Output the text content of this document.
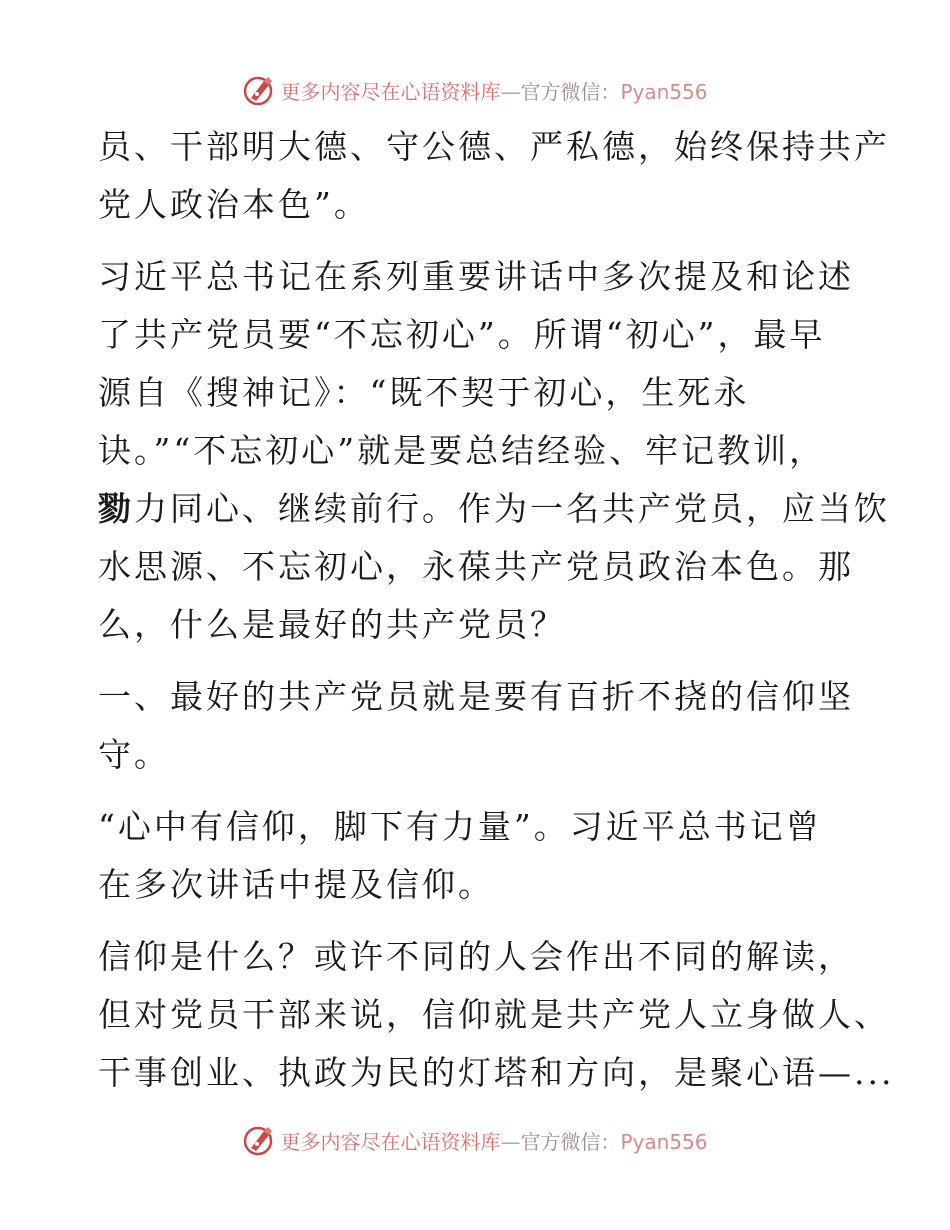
更多内容尽在心语资料库—官方微信：Pyan556

员、干部明大德、守公德、严私德，始终保持共产

党人政治本色”。

习近平总书记在系列重要讲话中多次提及和论述

了共产党员要“不忘初心”。所谓“初心”，最早

源自《搜神记》：“既不契于初心，生死永

诀。”“不忘初心”就是要总结经验、牢记教训，

勠力同心、继续前行。作为一名共产党员，应当饮

水思源、不忘初心，永葆共产党员政治本色。那

么，什么是最好的共产党员？

一、最好的共产党员就是要有百折不挠的信仰坚

守。

“心中有信仰，脚下有力量”。习近平总书记曾

在多次讲话中提及信仰。

信仰是什么？或许不同的人会作出不同的解读，

但对党员干部来说，信仰就是共产党人立身做人、

干事创业、执政为民的灯塔和方向，是聚心语—...

更多内容尽在心语资料库—官方微信：Pyan556
